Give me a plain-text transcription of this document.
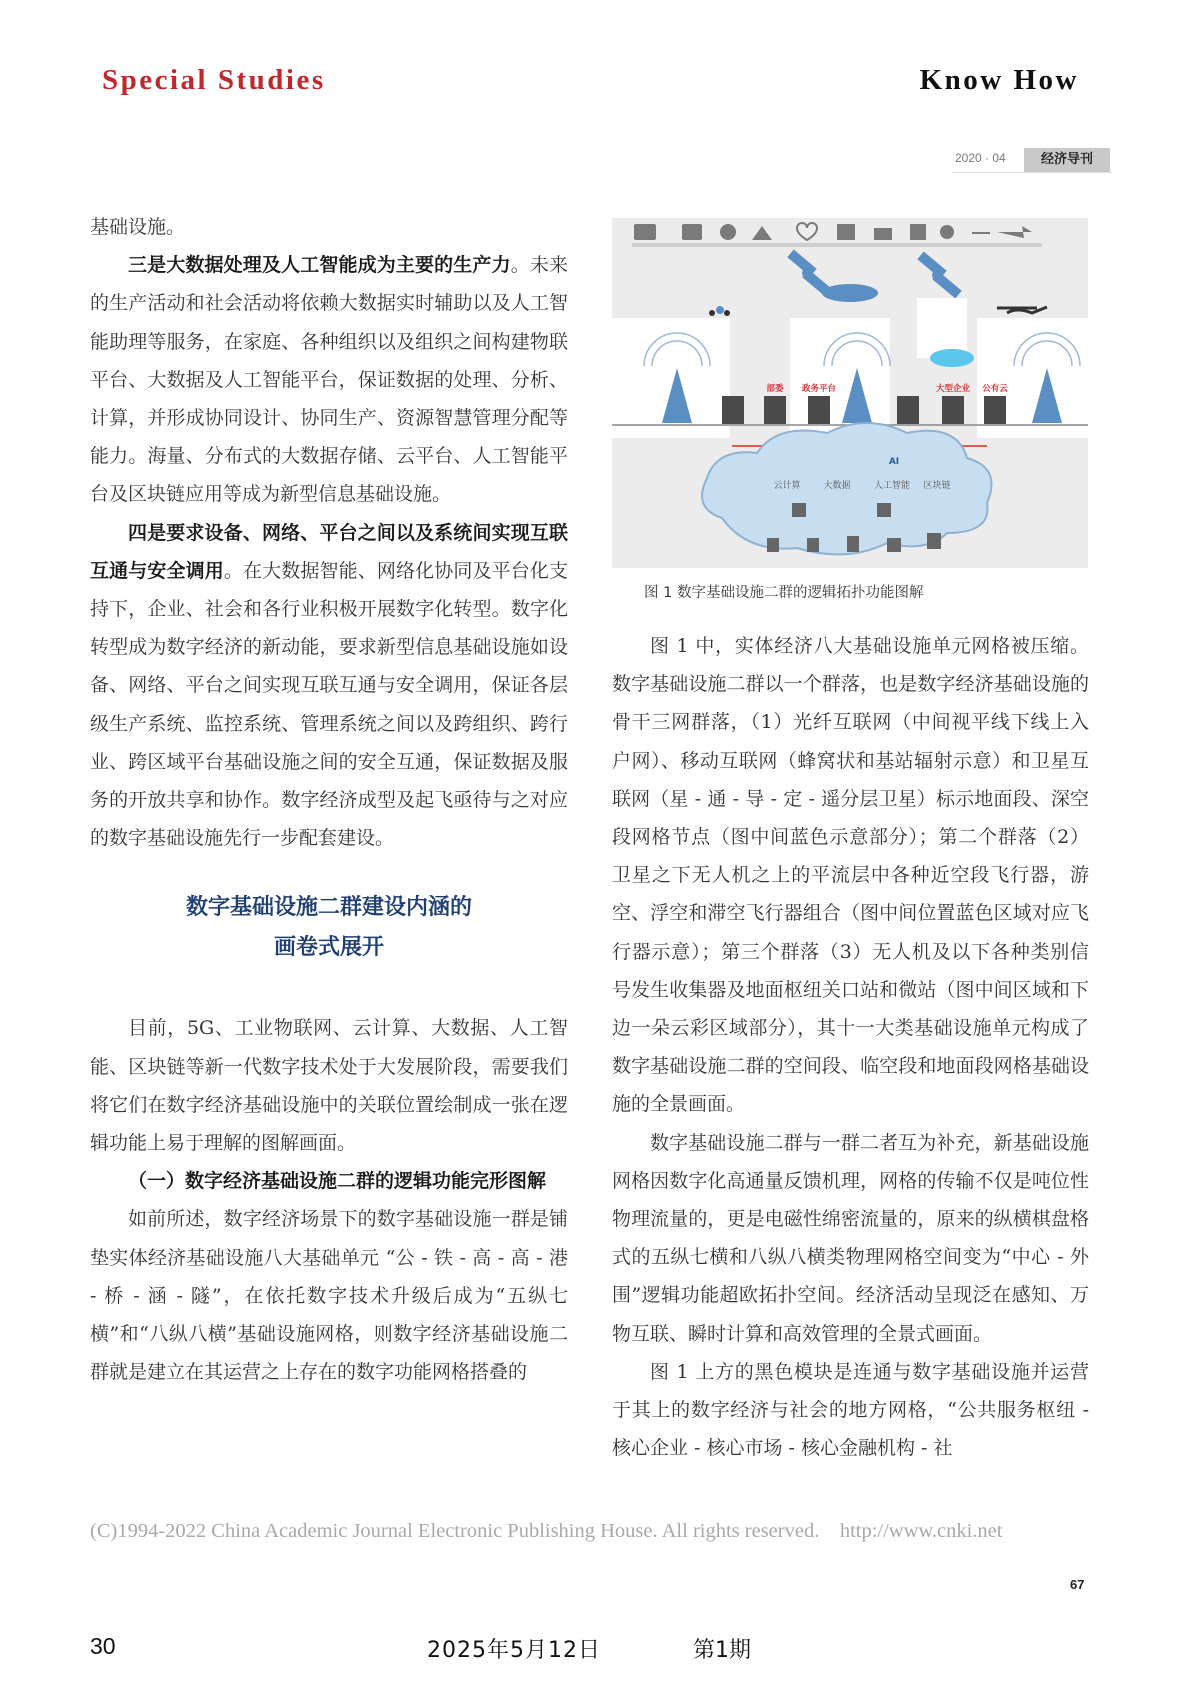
Special Studies	Know How
2020 · 04	经济导刊

基础设施。

三是大数据处理及人工智能成为主要的生产力。未来的生产活动和社会活动将依赖大数据实时辅助以及人工智能助理等服务，在家庭、各种组织以及组织之间构建物联平台、大数据及人工智能平台，保证数据的处理、分析、计算，并形成协同设计、协同生产、资源智慧管理分配等能力。海量、分布式的大数据存储、云平台、人工智能平台及区块链应用等成为新型信息基础设施。

四是要求设备、网络、平台之间以及系统间实现互联互通与安全调用。在大数据智能、网络化协同及平台化支持下，企业、社会和各行业积极开展数字化转型。数字化转型成为数字经济的新动能，要求新型信息基础设施如设备、网络、平台之间实现互联互通与安全调用，保证各层级生产系统、监控系统、管理系统之间以及跨组织、跨行业、跨区域平台基础设施之间的安全互通，保证数据及服务的开放共享和协作。数字经济成型及起飞亟待与之对应的数字基础设施先行一步配套建设。

数字基础设施二群建设内涵的
画卷式展开

目前，5G、工业物联网、云计算、大数据、人工智能、区块链等新一代数字技术处于大发展阶段，需要我们将它们在数字经济基础设施中的关联位置绘制成一张在逻辑功能上易于理解的图解画面。

（一）数字经济基础设施二群的逻辑功能完形图解

如前所述，数字经济场景下的数字基础设施一群是铺垫实体经济基础设施八大基础单元 “公 - 铁 - 高 - 高 - 港 - 桥 - 涵 - 隧”，在依托数字技术升级后成为“五纵七横”和“八纵八横”基础设施网格，则数字经济基础设施二群就是建立在其运营之上存在的数字功能网格搭叠的

部委 政务平台	大型企业 公有云
云计算	大数据	人工智能 区块链
AI
图 1 数字基础设施二群的逻辑拓扑功能图解

图 1 中，实体经济八大基础设施单元网格被压缩。数字基础设施二群以一个群落，也是数字经济基础设施的骨干三网群落，（1）光纤互联网（中间视平线下线上入户网）、移动互联网（蜂窝状和基站辐射示意）和卫星互联网（星 - 通 - 导 - 定 - 遥分层卫星）标示地面段、深空段网格节点（图中间蓝色示意部分）；第二个群落（2）卫星之下无人机之上的平流层中各种近空段飞行器，游空、浮空和滞空飞行器组合（图中间位置蓝色区域对应飞行器示意）；第三个群落（3）无人机及以下各种类别信号发生收集器及地面枢纽关口站和微站（图中间区域和下边一朵云彩区域部分），其十一大类基础设施单元构成了数字基础设施二群的空间段、临空段和地面段网格基础设施的全景画面。

数字基础设施二群与一群二者互为补充，新基础设施网格因数字化高通量反馈机理，网格的传输不仅是吨位性物理流量的，更是电磁性绵密流量的，原来的纵横棋盘格式的五纵七横和八纵八横类物理网格空间变为“中心 - 外围”逻辑功能超欧拓扑空间。经济活动呈现泛在感知、万物互联、瞬时计算和高效管理的全景式画面。

图 1 上方的黑色模块是连通与数字基础设施并运营于其上的数字经济与社会的地方网格，“公共服务枢纽 - 核心企业 - 核心市场 - 核心金融机构 - 社

(C)1994-2022 China Academic Journal Electronic Publishing House. All rights reserved.    http://www.cnki.net
67
30	2025年5月12日	第1期
